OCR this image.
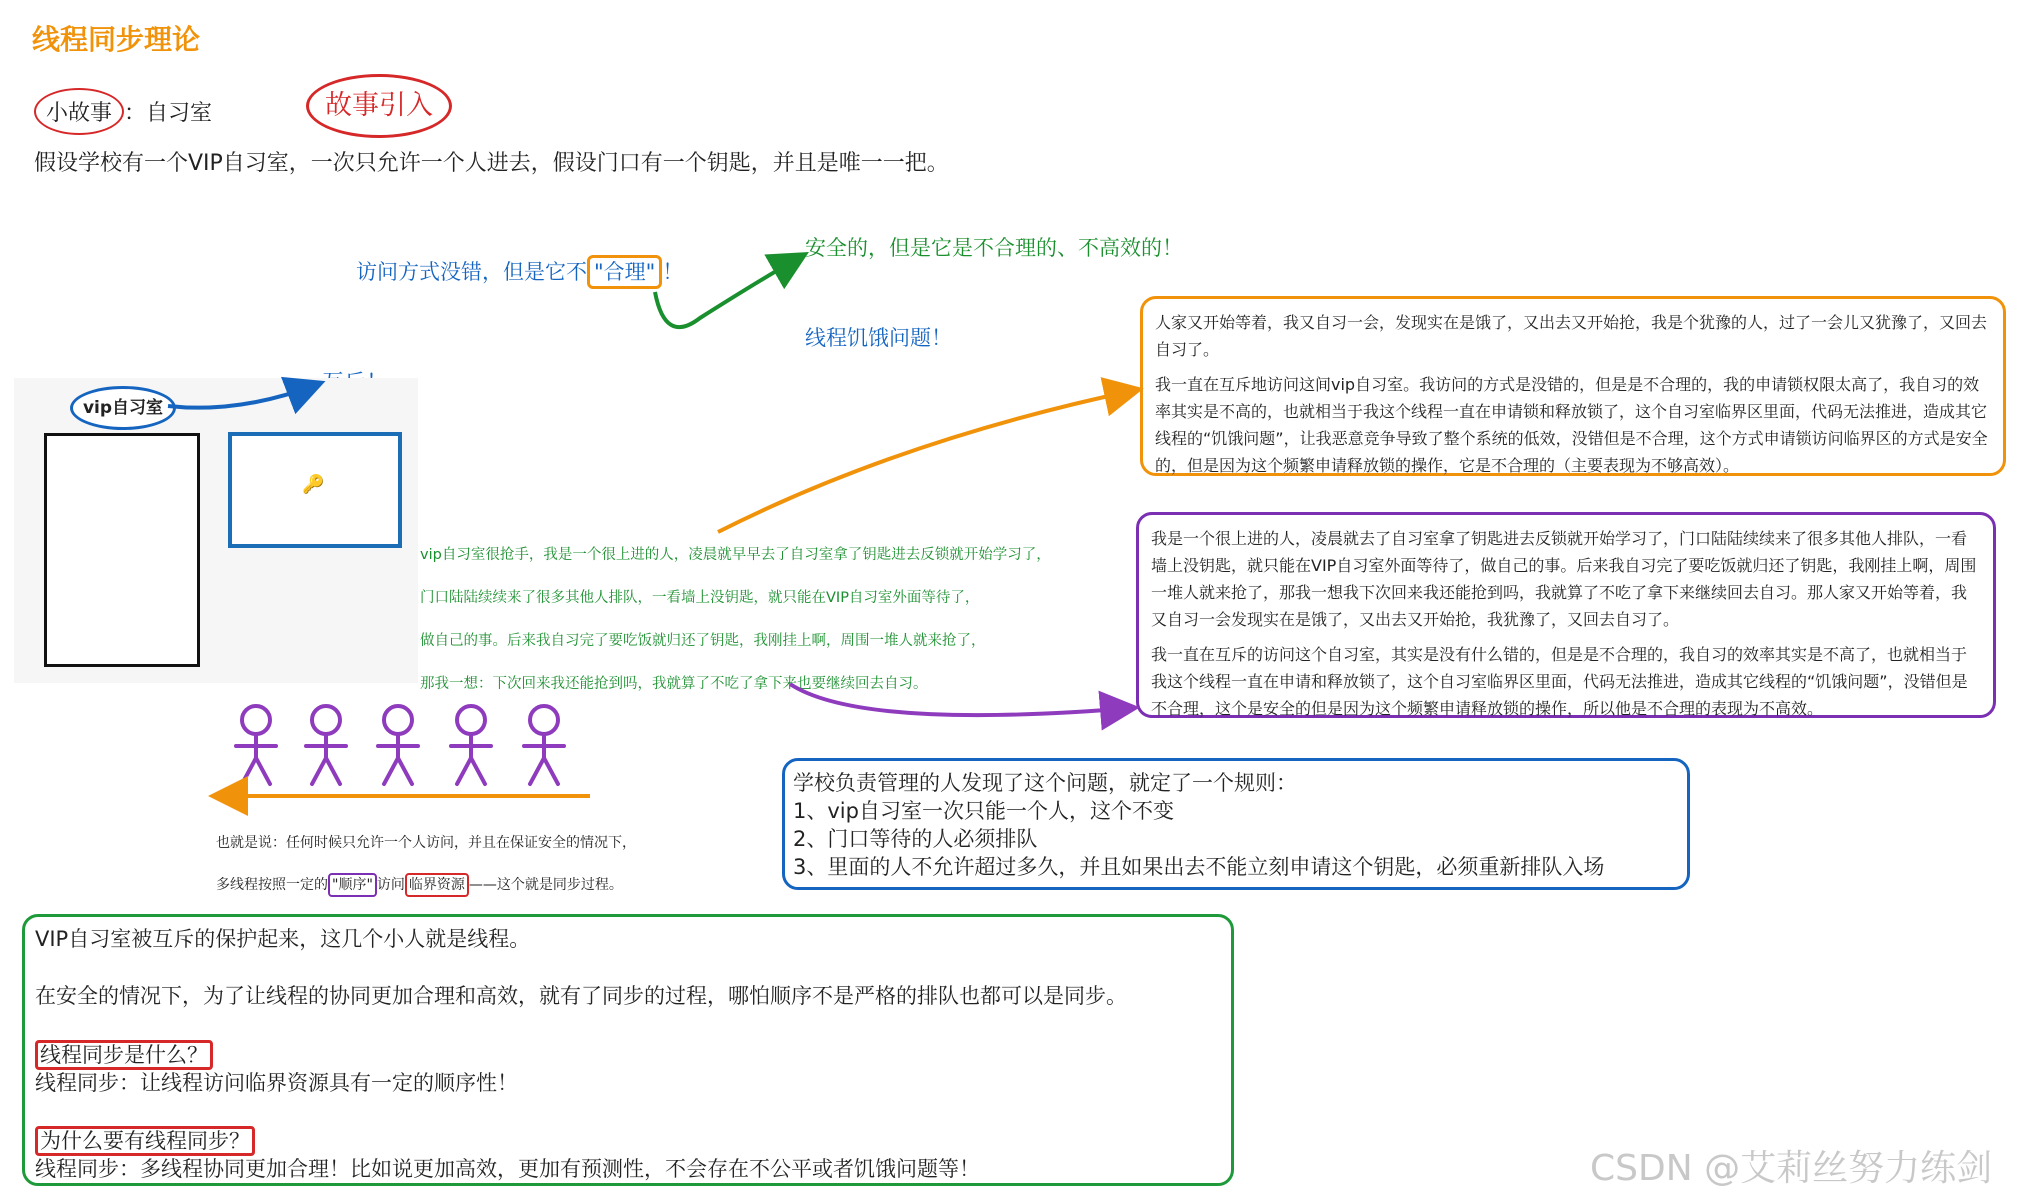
线程同步理论
小故事 ：自习室	故事引入
假设学校有一个VIP自习室，一次只允许一个人进去，假设门口有一个钥匙，并且是唯一一把。
访问方式没错，但是它不 "合理" ！
安全的，但是它是不合理的、不高效的！
线程饥饿问题！
🔑
vip自习室
vip自习室很抢手，我是一个很上进的人，凌晨就早早去了自习室拿了钥匙进去反锁就开始学习了，
门口陆陆续续来了很多其他人排队，一看墙上没钥匙，就只能在VIP自习室外面等待了，
做自己的事。后来我自习完了要吃饭就归还了钥匙，我刚挂上啊，周围一堆人就来抢了，
那我一想：下次回来我还能抢到吗，我就算了不吃了拿下来也要继续回去自习。

人家又开始等着，我又自习一会，发现实在是饿了，又出去又开始抢，我是个犹豫的人，过了一会儿又犹豫了，又回去自习了。

我一直在互斥地访问这间vip自习室。我访问的方式是没错的，但是是不合理的，我的申请锁权限太高了，我自习的效率其实是不高的，也就相当于我这个线程一直在申请锁和释放锁了，这个自习室临界区里面，代码无法推进，造成其它线程的“饥饿问题”，让我恶意竞争导致了整个系统的低效，没错但是不合理，这个方式申请锁访问临界区的方式是安全的，但是因为这个频繁申请释放锁的操作，它是不合理的（主要表现为不够高效）。

我是一个很上进的人，凌晨就去了自习室拿了钥匙进去反锁就开始学习了，门口陆陆续续来了很多其他人排队，一看墙上没钥匙，就只能在VIP自习室外面等待了，做自己的事。后来我自习完了要吃饭就归还了钥匙，我刚挂上啊，周围一堆人就来抢了，那我一想我下次回来我还能抢到吗，我就算了不吃了拿下来继续回去自习。那人家又开始等着，我又自习一会发现实在是饿了，又出去又开始抢，我犹豫了，又回去自习了。

我一直在互斥的访问这个自习室，其实是没有什么错的，但是是不合理的，我自习的效率其实是不高了，也就相当于我这个线程一直在申请和释放锁了，这个自习室临界区里面，代码无法推进，造成其它线程的“饥饿问题”，没错但是不合理，这个是安全的但是因为这个频繁申请释放锁的操作，所以他是不合理的表现为不高效。

学校负责管理的人发现了这个问题，就定了一个规则：
1、vip自习室一次只能一个人，这个不变
2、门口等待的人必须排队
3、里面的人不允许超过多久，并且如果出去不能立刻申请这个钥匙，必须重新排队入场
也就是说：任何时候只允许一个人访问，并且在保证安全的情况下，
多线程按照一定的 "顺序" 访问 临界资源 ——这个就是同步过程。
VIP自习室被互斥的保护起来，这几个小人就是线程。
在安全的情况下，为了让线程的协同更加合理和高效，就有了同步的过程，哪怕顺序不是严格的排队也都可以是同步。
线程同步是什么？
线程同步：让线程访问临界资源具有一定的顺序性！
为什么要有线程同步？
线程同步：多线程协同更加合理！比如说更加高效，更加有预测性，不会存在不公平或者饥饿问题等！	CSDN @艾莉丝努力练剑
